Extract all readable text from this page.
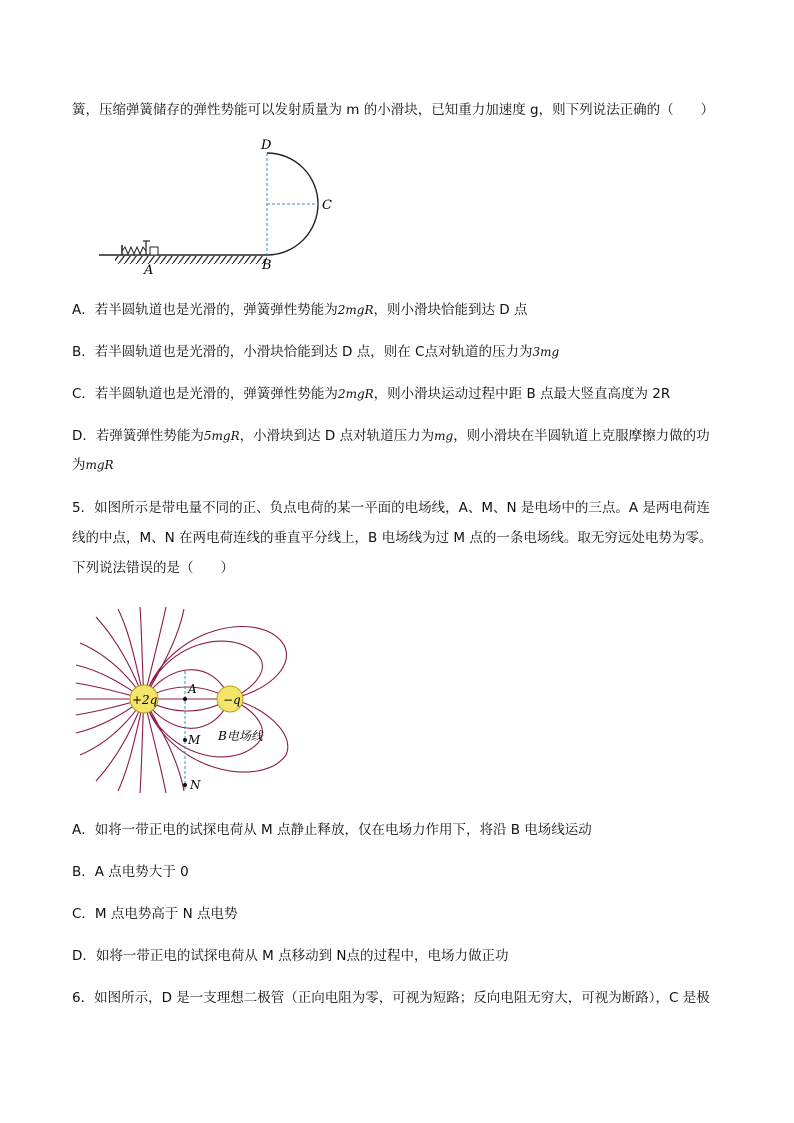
簧，压缩弹簧储存的弹性势能可以发射质量为 m 的小滑块，已知重力加速度 g，则下列说法正确的（　　）
D
C
A	B
A．若半圆轨道也是光滑的，弹簧弹性势能为2mgR，则小滑块恰能到达 D 点
B．若半圆轨道也是光滑的，小滑块恰能到达 D 点，则在 C点对轨道的压力为3mg
C．若半圆轨道也是光滑的，弹簧弹性势能为2mgR，则小滑块运动过程中距 B 点最大竖直高度为 2R
D．若弹簧弹性势能为5mgR，小滑块到达 D 点对轨道压力为mg，则小滑块在半圆轨道上克服摩擦力做的功
为mgR
5．如图所示是带电量不同的正、负点电荷的某一平面的电场线，A、M、N 是电场中的三点。A 是两电荷连
线的中点，M、N 在两电荷连线的垂直平分线上，B 电场线为过 M 点的一条电场线。取无穷远处电势为零。
下列说法错误的是（　　）
+2q	−q
A
M
N
B电场线
A．如将一带正电的试探电荷从 M 点静止释放，仅在电场力作用下，将沿 B 电场线运动
B．A 点电势大于 0
C．M 点电势高于 N 点电势
D．如将一带正电的试探电荷从 M 点移动到 N点的过程中，电场力做正功
6．如图所示，D 是一支理想二极管（正向电阻为零，可视为短路；反向电阻无穷大，可视为断路），C 是极
